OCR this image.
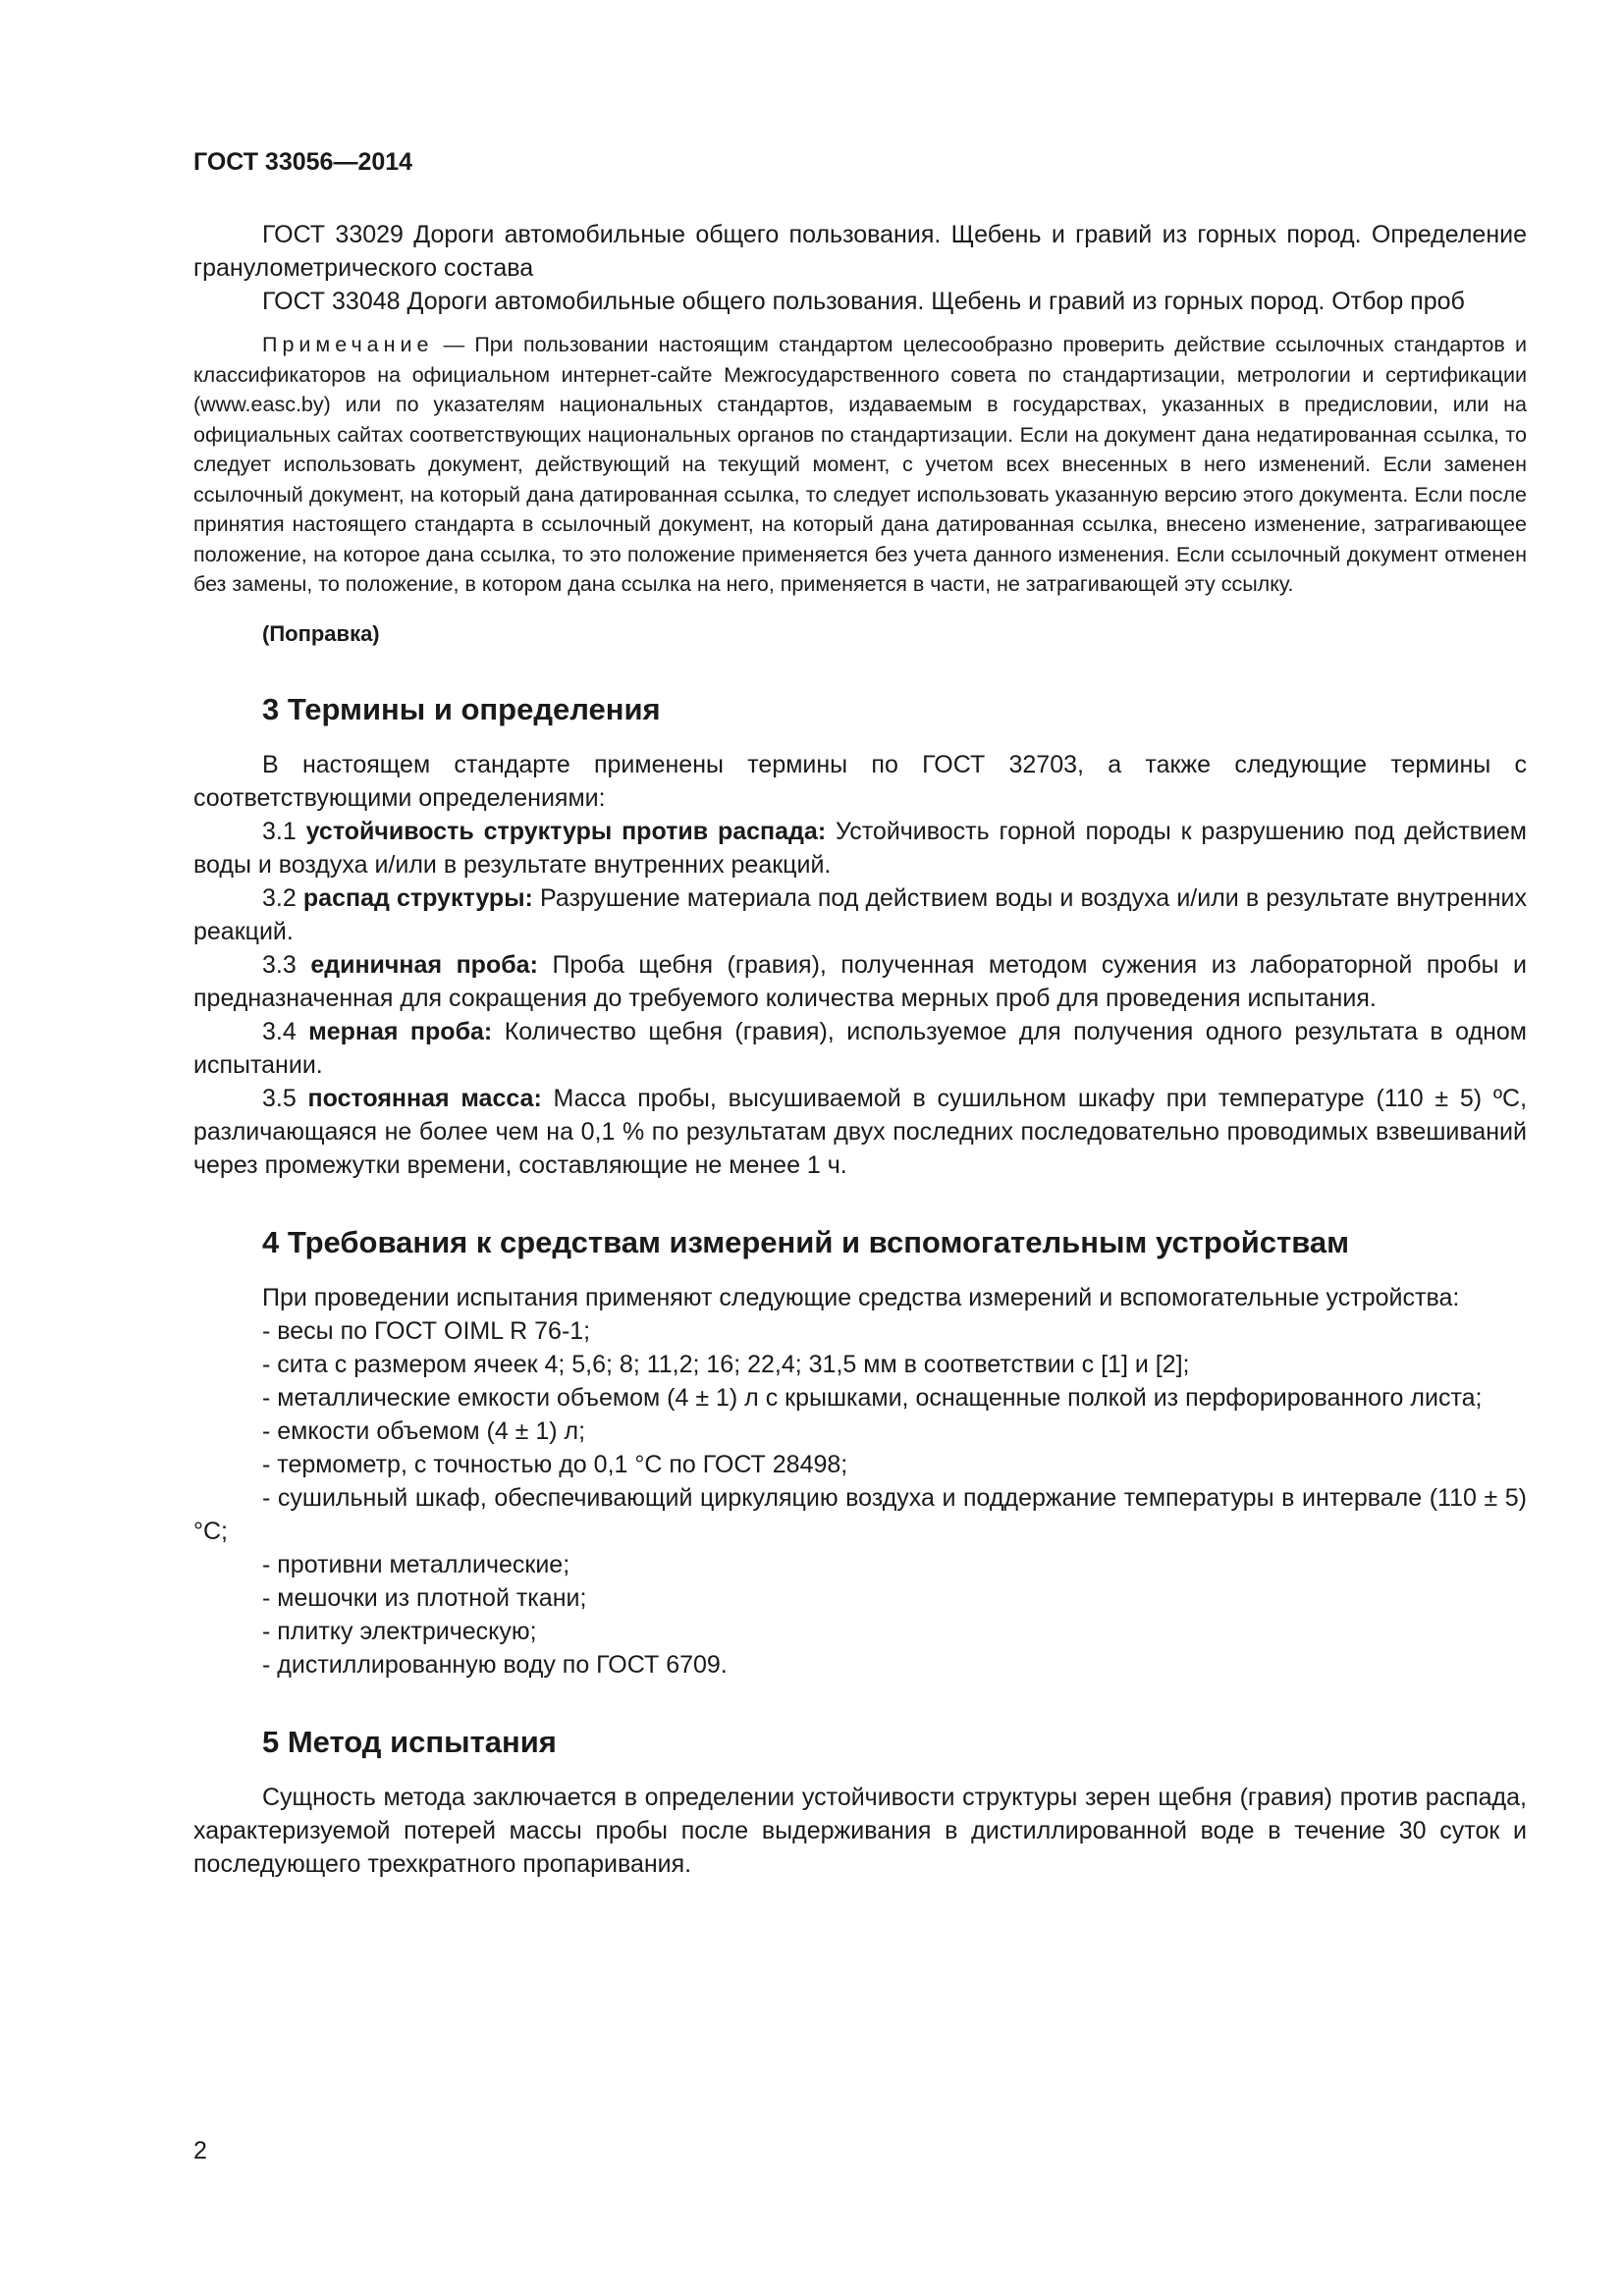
ГОСТ 33056—2014

ГОСТ 33029 Дороги автомобильные общего пользования. Щебень и гравий из горных пород. Определение гранулометрического состава

ГОСТ 33048 Дороги автомобильные общего пользования. Щебень и гравий из горных пород. Отбор проб

Примечание — При пользовании настоящим стандартом целесообразно проверить действие ссылочных стандартов и классификаторов на официальном интернет-сайте Межгосударственного совета по стандартизации, метрологии и сертификации (www.easc.by) или по указателям национальных стандартов, издаваемым в государствах, указанных в предисловии, или на официальных сайтах соответствующих национальных органов по стандартизации. Если на документ дана недатированная ссылка, то следует использовать документ, действующий на текущий момент, с учетом всех внесенных в него изменений. Если заменен ссылочный документ, на который дана датированная ссылка, то следует использовать указанную версию этого документа. Если после принятия настоящего стандарта в ссылочный документ, на который дана датированная ссылка, внесено изменение, затрагивающее положение, на которое дана ссылка, то это положение применяется без учета данного изменения. Если ссылочный документ отменен без замены, то положение, в котором дана ссылка на него, применяется в части, не затрагивающей эту ссылку.

(Поправка)

3 Термины и определения

В настоящем стандарте применены термины по ГОСТ 32703, а также следующие термины с соответствующими определениями:

3.1 устойчивость структуры против распада: Устойчивость горной породы к разрушению под действием воды и воздуха и/или в результате внутренних реакций.

3.2 распад структуры: Разрушение материала под действием воды и воздуха и/или в результате внутренних реакций.

3.3 единичная проба: Проба щебня (гравия), полученная методом сужения из лабораторной пробы и предназначенная для сокращения до требуемого количества мерных проб для проведения испытания.

3.4 мерная проба: Количество щебня (гравия), используемое для получения одного результата в одном испытании.

3.5 постоянная масса: Масса пробы, высушиваемой в сушильном шкафу при температуре (110 ± 5) ºС, различающаяся не более чем на 0,1 % по результатам двух последних последовательно проводимых взвешиваний через промежутки времени, составляющие не менее 1 ч.

4 Требования к средствам измерений и вспомогательным устройствам

При проведении испытания применяют следующие средства измерений и вспомогательные устройства:

- весы по ГОСТ OIML R 76-1;

- сита с размером ячеек 4; 5,6; 8; 11,2; 16; 22,4; 31,5 мм в соответствии с [1] и [2];

- металлические емкости объемом (4 ± 1) л с крышками, оснащенные полкой из перфорированного листа;

- емкости объемом (4 ± 1) л;

- термометр, с точностью до 0,1 °С по ГОСТ 28498;

- сушильный шкаф, обеспечивающий циркуляцию воздуха и поддержание температуры в интервале (110 ± 5) °С;

- противни металлические;

- мешочки из плотной ткани;

- плитку электрическую;

- дистиллированную воду по ГОСТ 6709.

5 Метод испытания

Сущность метода заключается в определении устойчивости структуры зерен щебня (гравия) против распада, характеризуемой потерей массы пробы после выдерживания в дистиллированной воде в течение 30 суток и последующего трехкратного пропаривания.

2
